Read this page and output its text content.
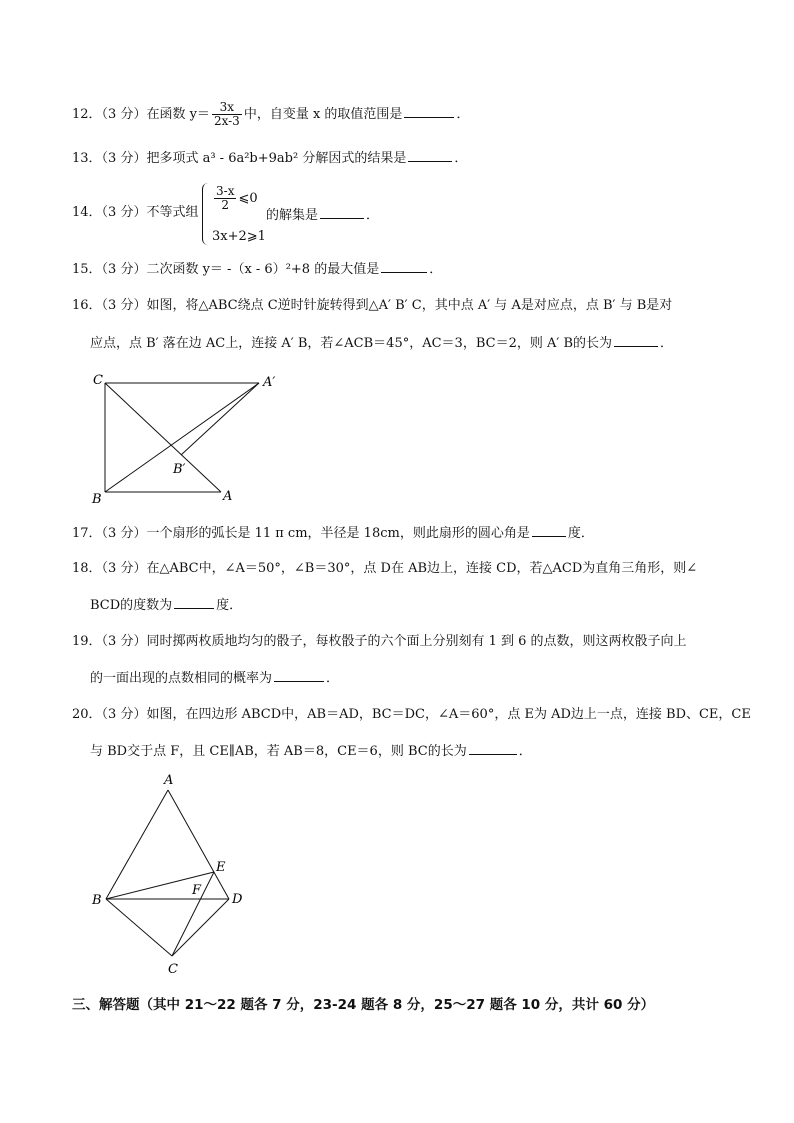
12．（3 分）在函数 $y= \frac{3x}{2x-3}$ 中，自变量 x 的取值范围是	．
13．（3 分）把多项式 a³ - 6a²b+9ab² 分解因式的结果是	．
14．（3 分）不等式组
$\frac{3-x}{2}$ ⩽0
的解集是	．
3x+2⩾1
15．（3 分）二次函数 y＝ -（x - 6）²+8 的最大值是	．
16．（3 分）如图，将△ABC绕点 C逆时针旋转得到△A′ B′ C，其中点 A′ 与 A是对应点，点 B′ 与 B是对
应点，点 B′ 落在边 AC上，连接 A′ B，若∠ACB＝45°，AC＝3，BC＝2，则 A′ B的长为	．
C	A′
B′
B	A
17．（3 分）一个扇形的弧长是 11 π cm，半径是 18cm，则此扇形的圆心角是	度．
18．（3 分）在△ABC中，∠A＝50°，∠B＝30°，点 D在 AB边上，连接 CD，若△ACD为直角三角形，则∠
BCD的度数为	度．
19．（3 分）同时掷两枚质地均匀的骰子，每枚骰子的六个面上分别刻有 1 到 6 的点数，则这两枚骰子向上
的一面出现的点数相同的概率为	．
20．（3 分）如图，在四边形 ABCD中，AB＝AD，BC＝DC，∠A＝60°，点 E为 AD边上一点，连接 BD、CE，CE
与 BD交于点 F，且 CE∥AB，若 AB＝8，CE＝6，则 BC的长为	．
A
E
F
B	D
C
三、解答题（其中 21～22 题各 7 分，23-24 题各 8 分，25～27 题各 10 分，共计 60 分）
